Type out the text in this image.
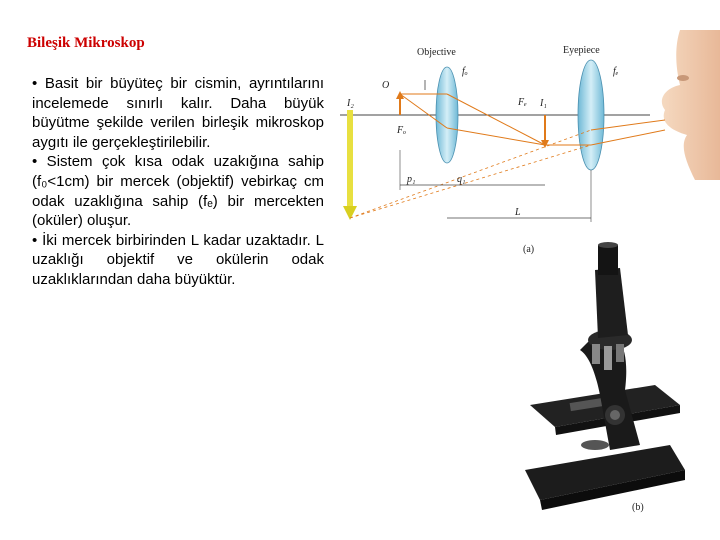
Bileşik Mikroskop

• Basit bir büyüteç bir cismin, ayrıntılarını incelemede sınırlı kalır. Daha büyük büyütme şekilde verilen birleşik mikroskop aygıtı ile gerçekleştirilebilir.

• Sistem çok kısa odak uzakığına sahip (f₀<1cm) bir mercek (objektif) vebirkaç cm odak uzaklığına sahip (fₑ) bir mercekten (oküler) oluşur.

• İki mercek birbirinden L kadar uzaktadır. L uzaklığı objektif ve okülerin odak uzaklıklarından daha büyüktür.

Objective	Eyepiece
fₒ	fₑ
O
I₂
Fₒ
Fₑ I₁
p₁	q₁
L
(a)
(b)
